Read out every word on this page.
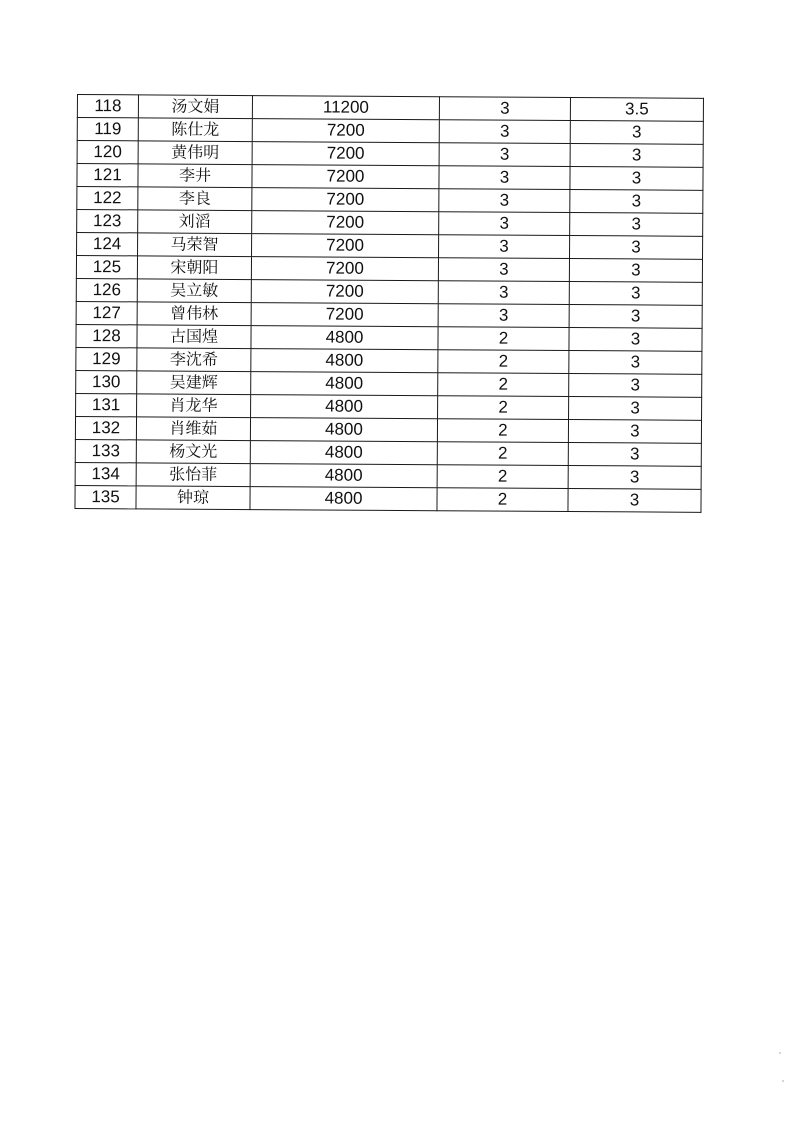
118	汤文娟	11200	3	3.5
119	陈仕龙	7200	3	3
120	黄伟明	7200	3	3
121	李井	7200	3	3
122	李良	7200	3	3
123	刘滔	7200	3	3
124	马荣智	7200	3	3
125	宋朝阳	7200	3	3
126	吴立敏	7200	3	3
127	曾伟林	7200	3	3
128	古国煌	4800	2	3
129	李沈希	4800	2	3
130	吴建辉	4800	2	3
131	肖龙华	4800	2	3
132	肖维茹	4800	2	3
133	杨文光	4800	2	3
134	张怡菲	4800	2	3
135	钟琼	4800	2	3
